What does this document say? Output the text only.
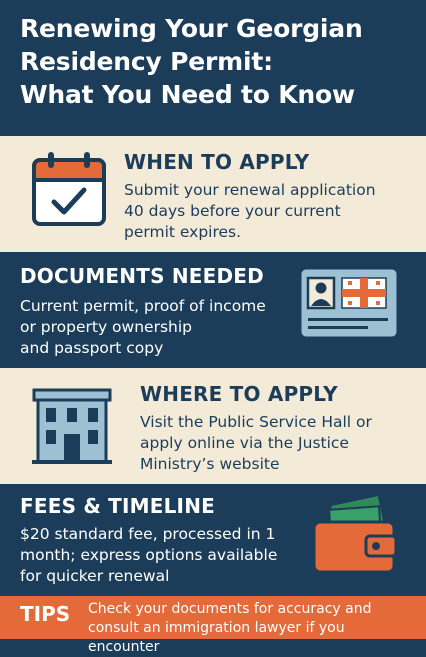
Renewing Your Georgian
Residency Permit:
What You Need to Know
WHEN TO APPLY
Submit your renewal application
40 days before your current
permit expires.
DOCUMENTS NEEDED
Current permit, proof of income
or property ownership
and passport copy
WHERE TO APPLY
Visit the Public Service Hall or
apply online via the Justice
Ministry’s website
FEES & TIMELINE
$20 standard fee, processed in 1
month; express options available
for quicker renewal
TIPS Check your documents for accuracy and
consult an immigration lawyer if you encounter
